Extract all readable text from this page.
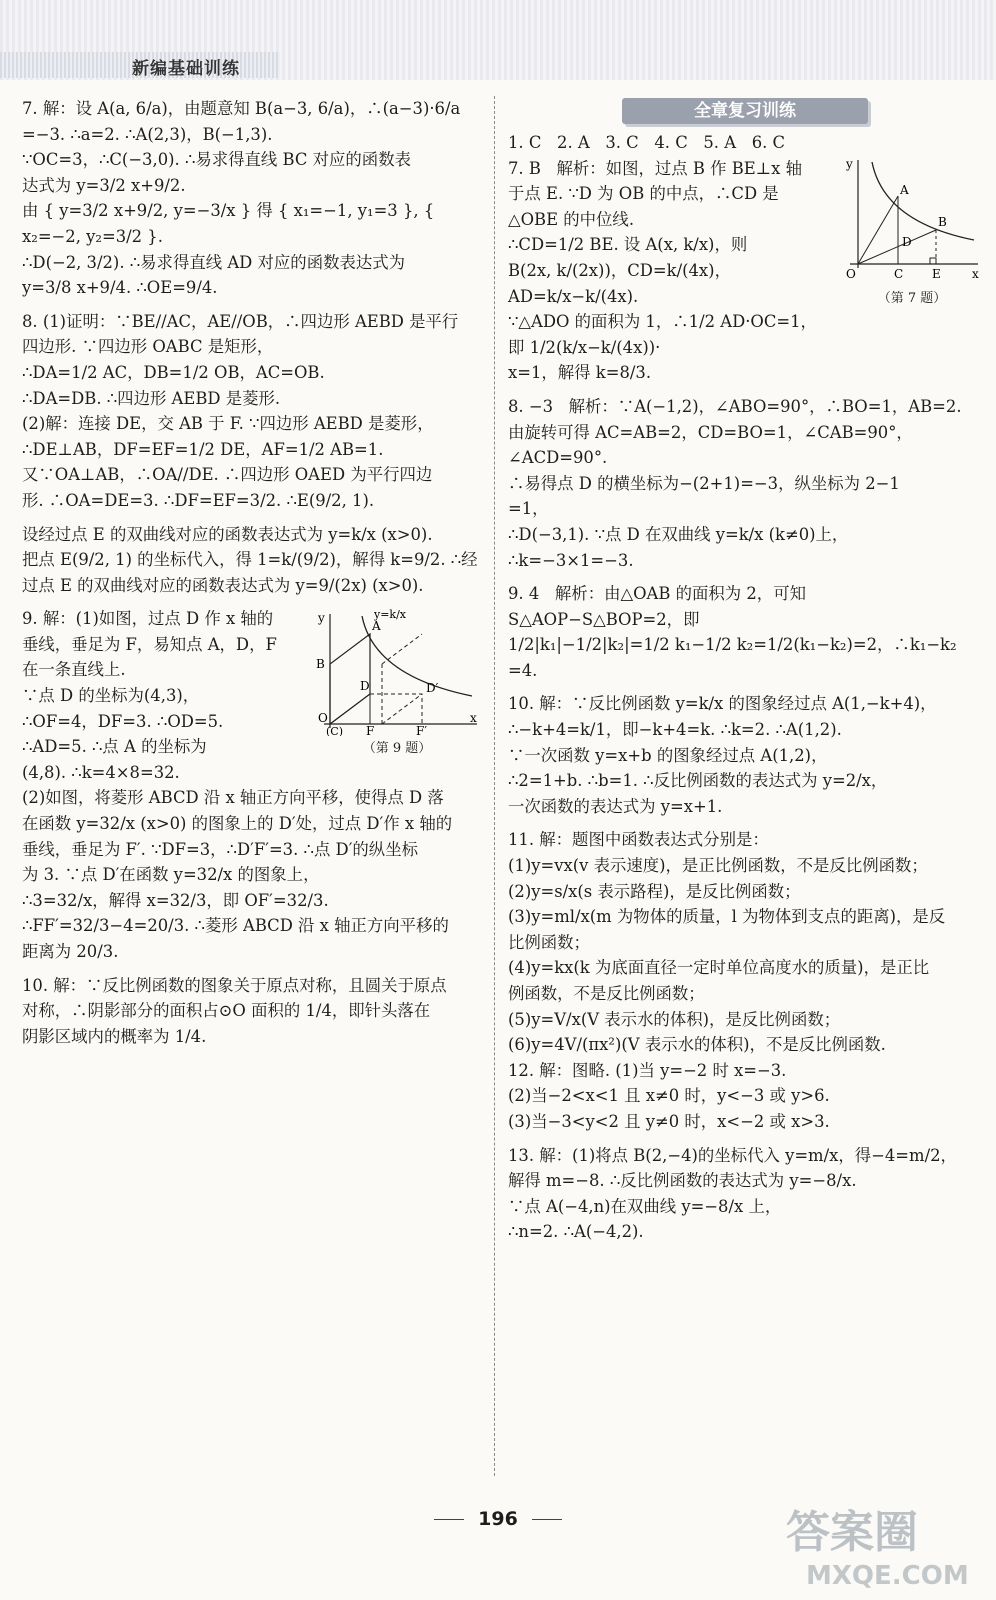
新编基础训练

7. 解：设 A(a, 6/a)，由题意知 B(a−3, 6/a)，∴(a−3)·6/a

=−3. ∴a=2. ∴A(2,3)，B(−1,3).

∵OC=3，∴C(−3,0). ∴易求得直线 BC 对应的函数表

达式为 y=3/2 x+9/2.

由 { y=3/2 x+9/2, y=−3/x } 得 { x₁=−1, y₁=3 }, { x₂=−2, y₂=3/2 }.

∴D(−2, 3/2). ∴易求得直线 AD 对应的函数表达式为

y=3/8 x+9/4. ∴OE=9/4.

8. (1)证明：∵BE//AC，AE//OB，∴四边形 AEBD 是平行

四边形. ∵四边形 OABC 是矩形，

∴DA=1/2 AC，DB=1/2 OB，AC=OB.

∴DA=DB. ∴四边形 AEBD 是菱形.

(2)解：连接 DE，交 AB 于 F. ∵四边形 AEBD 是菱形，

∴DE⊥AB，DF=EF=1/2 DE，AF=1/2 AB=1.

又∵OA⊥AB，∴OA//DE. ∴四边形 OAED 为平行四边

形. ∴OA=DE=3. ∴DF=EF=3/2. ∴E(9/2, 1).

设经过点 E 的双曲线对应的函数表达式为 y=k/x (x>0).

把点 E(9/2, 1) 的坐标代入，得 1=k/(9/2)，解得 k=9/2. ∴经

过点 E 的双曲线对应的函数表达式为 y=9/(2x) (x>0).

y
A
B
D	D′
O
(C) F	F′
x
y=k/x
（第 9 题）

9. 解：(1)如图，过点 D 作 x 轴的

垂线，垂足为 F，易知点 A，D，F

在一条直线上.

∵点 D 的坐标为(4,3)，

∴OF=4，DF=3. ∴OD=5.

∴AD=5. ∴点 A 的坐标为

(4,8). ∴k=4×8=32.

(2)如图，将菱形 ABCD 沿 x 轴正方向平移，使得点 D 落

在函数 y=32/x (x>0) 的图象上的 D′处，过点 D′作 x 轴的

垂线，垂足为 F′. ∵DF=3，∴D′F′=3. ∴点 D′的纵坐标

为 3. ∵点 D′在函数 y=32/x 的图象上，

∴3=32/x，解得 x=32/3，即 OF′=32/3.

∴FF′=32/3−4=20/3. ∴菱形 ABCD 沿 x 轴正方向平移的

距离为 20/3.

10. 解：∵反比例函数的图象关于原点对称，且圆关于原点

对称，∴阴影部分的面积占⊙O 面积的 1/4，即针头落在

阴影区域内的概率为 1/4.

全章复习训练

1. C   2. A   3. C   4. C   5. A   6. C

y
A
B
D
O	C E	x
（第 7 题）

7. B   解析：如图，过点 B 作 BE⊥x 轴

于点 E. ∵D 为 OB 的中点，∴CD 是

△OBE 的中位线.

∴CD=1/2 BE. 设 A(x, k/x)，则

B(2x, k/(2x))，CD=k/(4x)，AD=k/x−k/(4x).

∵△ADO 的面积为 1，∴1/2 AD·OC=1，即 1/2(k/x−k/(4x))·

x=1，解得 k=8/3.

8. −3   解析：∵A(−1,2)，∠ABO=90°，∴BO=1，AB=2.

由旋转可得 AC=AB=2，CD=BO=1，∠CAB=90°，

∠ACD=90°.

∴易得点 D 的横坐标为−(2+1)=−3，纵坐标为 2−1

=1，

∴D(−3,1). ∵点 D 在双曲线 y=k/x (k≠0)上，

∴k=−3×1=−3.

9. 4   解析：由△OAB 的面积为 2，可知 S△AOP−S△BOP=2，即

1/2|k₁|−1/2|k₂|=1/2 k₁−1/2 k₂=1/2(k₁−k₂)=2，∴k₁−k₂

=4.

10. 解：∵反比例函数 y=k/x 的图象经过点 A(1,−k+4)，

∴−k+4=k/1，即−k+4=k. ∴k=2. ∴A(1,2).

∵一次函数 y=x+b 的图象经过点 A(1,2)，

∴2=1+b. ∴b=1. ∴反比例函数的表达式为 y=2/x，

一次函数的表达式为 y=x+1.

11. 解：题图中函数表达式分别是：

(1)y=vx(v 表示速度)，是正比例函数，不是反比例函数；

(2)y=s/x(s 表示路程)，是反比例函数；

(3)y=ml/x(m 为物体的质量，l 为物体到支点的距离)，是反

比例函数；

(4)y=kx(k 为底面直径一定时单位高度水的质量)，是正比

例函数，不是反比例函数；

(5)y=V/x(V 表示水的体积)，是反比例函数；

(6)y=4V/(πx²)(V 表示水的体积)，不是反比例函数.

12. 解：图略. (1)当 y=−2 时 x=−3.

(2)当−2<x<1 且 x≠0 时，y<−3 或 y>6.

(3)当−3<y<2 且 y≠0 时，x<−2 或 x>3.

13. 解：(1)将点 B(2,−4)的坐标代入 y=m/x，得−4=m/2，

解得 m=−8. ∴反比例函数的表达式为 y=−8/x.

∵点 A(−4,n)在双曲线 y=−8/x 上，

∴n=2. ∴A(−4,2).

196	答案圈
MXQE.COM
